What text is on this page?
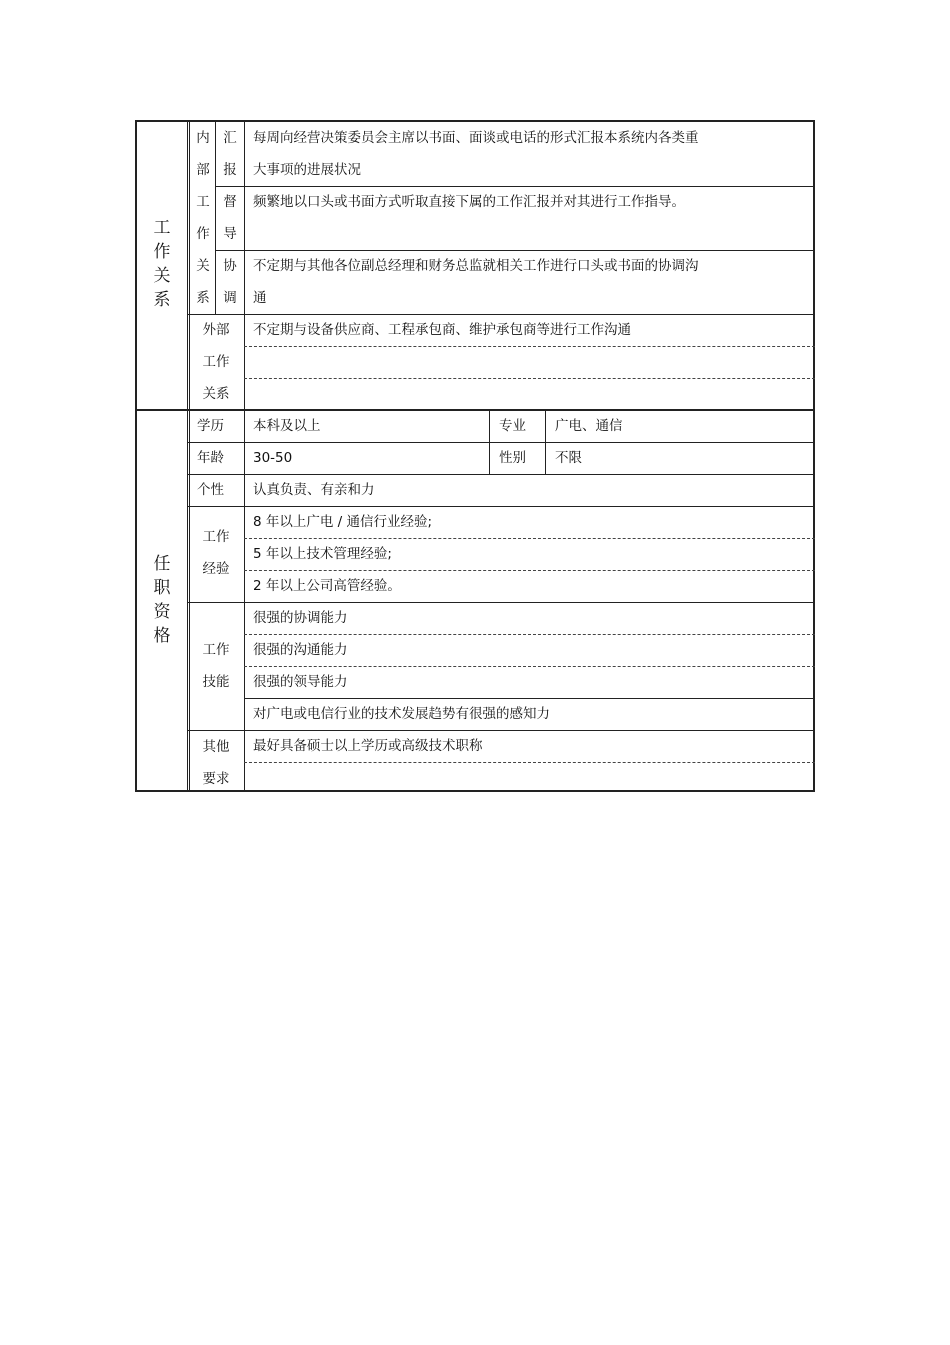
工
作
关
系
内
部
工
作
关
系
汇
报
每周向经营决策委员会主席以书面、面谈或电话的形式汇报本系统内各类重
大事项的进展状况
督
导
频繁地以口头或书面方式听取直接下属的工作汇报并对其进行工作指导。
协
调
不定期与其他各位副总经理和财务总监就相关工作进行口头或书面的协调沟
通
外部
工作
关系
不定期与设备供应商、工程承包商、维护承包商等进行工作沟通
任
职
资
格
学历 本科及以上	专业 广电、通信
年龄 30-50	性别 不限
个性 认真负责、有亲和力
工作
经验
8 年以上广电 / 通信行业经验;
5 年以上技术管理经验;
2 年以上公司高管经验。
工作
技能
很强的协调能力
很强的沟通能力
很强的领导能力
对广电或电信行业的技术发展趋势有很强的感知力
其他
要求
最好具备硕士以上学历或高级技术职称
